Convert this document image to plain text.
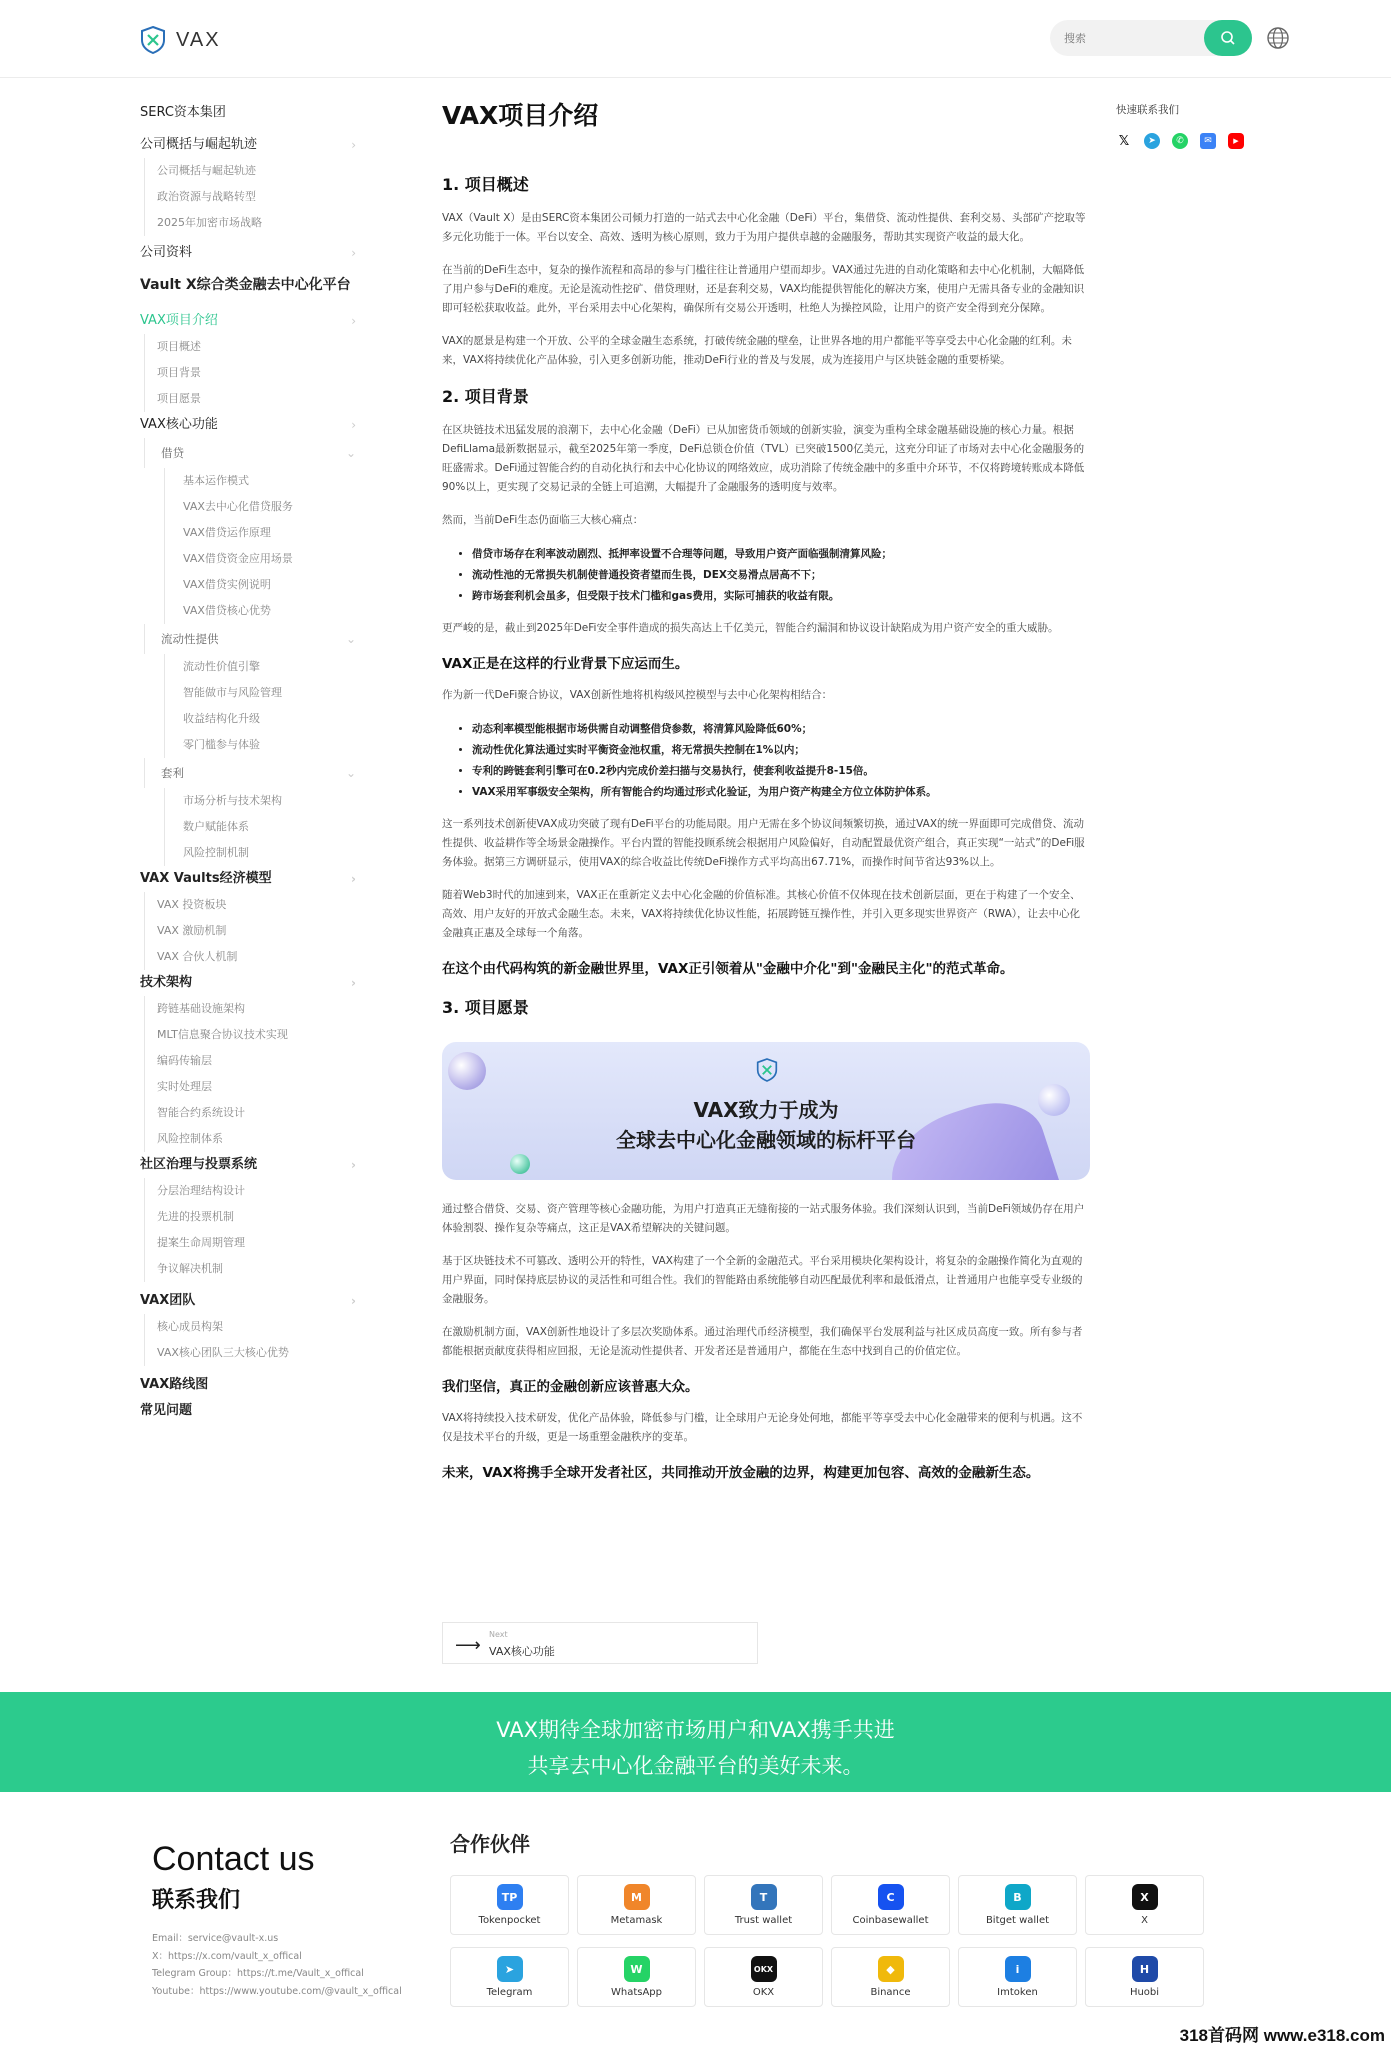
VAX
搜索
SERC资本集团
公司概括与崛起轨迹	›
公司概括与崛起轨迹
政治资源与战略转型
2025年加密市场战略
公司资料	›
Vault X综合类金融去中心化平台
VAX项目介绍	›
项目概述
项目背景
项目愿景
VAX核心功能	›
借贷	⌄
基本运作模式
VAX去中心化借贷服务
VAX借贷运作原理
VAX借贷资金应用场景
VAX借贷实例说明
VAX借贷核心优势
流动性提供	⌄
流动性价值引擎
智能做市与风险管理
收益结构化升级
零门槛参与体验
套利	⌄
市场分析与技术架构
数户赋能体系
风险控制机制
VAX Vaults经济模型	›
VAX 投资板块
VAX 激励机制
VAX 合伙人机制
技术架构	›
跨链基础设施架构
MLT信息聚合协议技术实现
编码传输层
实时处理层
智能合约系统设计
风险控制体系
社区治理与投票系统	›
分层治理结构设计
先进的投票机制
提案生命周期管理
争议解决机制
VAX团队	›
核心成员构架
VAX核心团队三大核心优势
VAX路线图
常见问题
VAX项目介绍
1. 项目概述

VAX（Vault X）是由SERC资本集团公司倾力打造的一站式去中心化金融（DeFi）平台，集借贷、流动性提供、套利交易、头部矿产挖取等多元化功能于一体。平台以安全、高效、透明为核心原则，致力于为用户提供卓越的金融服务，帮助其实现资产收益的最大化。

在当前的DeFi生态中，复杂的操作流程和高昂的参与门槛往往让普通用户望而却步。VAX通过先进的自动化策略和去中心化机制，大幅降低了用户参与DeFi的难度。无论是流动性挖矿、借贷理财，还是套利交易，VAX均能提供智能化的解决方案，使用户无需具备专业的金融知识即可轻松获取收益。此外，平台采用去中心化架构，确保所有交易公开透明，杜绝人为操控风险，让用户的资产安全得到充分保障。

VAX的愿景是构建一个开放、公平的全球金融生态系统，打破传统金融的壁垒，让世界各地的用户都能平等享受去中心化金融的红利。未来，VAX将持续优化产品体验，引入更多创新功能，推动DeFi行业的普及与发展，成为连接用户与区块链金融的重要桥梁。

2. 项目背景

在区块链技术迅猛发展的浪潮下，去中心化金融（DeFi）已从加密货币领域的创新实验，演变为重构全球金融基础设施的核心力量。根据DefiLlama最新数据显示，截至2025年第一季度，DeFi总锁仓价值（TVL）已突破1500亿美元，这充分印证了市场对去中心化金融服务的旺盛需求。DeFi通过智能合约的自动化执行和去中心化协议的网络效应，成功消除了传统金融中的多重中介环节，不仅将跨境转账成本降低90%以上，更实现了交易记录的全链上可追溯，大幅提升了金融服务的透明度与效率。

然而，当前DeFi生态仍面临三大核心痛点：

• 借贷市场存在利率波动剧烈、抵押率设置不合理等问题，导致用户资产面临强制清算风险；
• 流动性池的无常损失机制使普通投资者望而生畏，DEX交易滑点居高不下；
• 跨市场套利机会虽多，但受限于技术门槛和gas费用，实际可捕获的收益有限。

更严峻的是，截止到2025年DeFi安全事件造成的损失高达上千亿美元，智能合约漏洞和协议设计缺陷成为用户资产安全的重大威胁。

VAX正是在这样的行业背景下应运而生。

作为新一代DeFi聚合协议，VAX创新性地将机构级风控模型与去中心化架构相结合：

• 动态利率模型能根据市场供需自动调整借贷参数，将清算风险降低60%；
• 流动性优化算法通过实时平衡资金池权重，将无常损失控制在1%以内；
• 专利的跨链套利引擎可在0.2秒内完成价差扫描与交易执行，使套利收益提升8-15倍。
• VAX采用军事级安全架构，所有智能合约均通过形式化验证，为用户资产构建全方位立体防护体系。

这一系列技术创新使VAX成功突破了现有DeFi平台的功能局限。用户无需在多个协议间频繁切换，通过VAX的统一界面即可完成借贷、流动性提供、收益耕作等全场景金融操作。平台内置的智能投顾系统会根据用户风险偏好，自动配置最优资产组合，真正实现“一站式”的DeFi服务体验。据第三方调研显示，使用VAX的综合收益比传统DeFi操作方式平均高出67.71%，而操作时间节省达93%以上。

随着Web3时代的加速到来，VAX正在重新定义去中心化金融的价值标准。其核心价值不仅体现在技术创新层面，更在于构建了一个安全、高效、用户友好的开放式金融生态。未来，VAX将持续优化协议性能，拓展跨链互操作性，并引入更多现实世界资产（RWA），让去中心化金融真正惠及全球每一个角落。

在这个由代码构筑的新金融世界里，VAX正引领着从"金融中介化"到"金融民主化"的范式革命。
3. 项目愿景
VAX致力于成为
全球去中心化金融领域的标杆平台

通过整合借贷、交易、资产管理等核心金融功能，为用户打造真正无缝衔接的一站式服务体验。我们深刻认识到，当前DeFi领域仍存在用户体验割裂、操作复杂等痛点，这正是VAX希望解决的关键问题。

基于区块链技术不可篡改、透明公开的特性，VAX构建了一个全新的金融范式。平台采用模块化架构设计，将复杂的金融操作简化为直观的用户界面，同时保持底层协议的灵活性和可组合性。我们的智能路由系统能够自动匹配最优利率和最低滑点，让普通用户也能享受专业级的金融服务。

在激励机制方面，VAX创新性地设计了多层次奖励体系。通过治理代币经济模型，我们确保平台发展利益与社区成员高度一致。所有参与者都能根据贡献度获得相应回报，无论是流动性提供者、开发者还是普通用户，都能在生态中找到自己的价值定位。

我们坚信，真正的金融创新应该普惠大众。

VAX将持续投入技术研发，优化产品体验，降低参与门槛，让全球用户无论身处何地，都能平等享受去中心化金融带来的便利与机遇。这不仅是技术平台的升级，更是一场重塑金融秩序的变革。

未来，VAX将携手全球开发者社区，共同推动开放金融的边界，构建更加包容、高效的金融新生态。
⟶
Next
VAX核心功能
快速联系我们
𝕏	➤	✆	✉	▶
VAX期待全球加密市场用户和VAX携手共进
共享去中心化金融平台的美好未来。
Contact us
联系我们
Email：service@vault-x.us
X：https://x.com/vault_x_offical
Telegram Group：https://t.me/Vault_x_offical
Youtube：https://www.youtube.com/@vault_x_offical
合作伙伴
TP
Tokenpocket
M
Metamask
T
Trust wallet
C
Coinbasewallet
B
Bitget wallet
X
X
➤
Telegram
W
WhatsApp
OKX
OKX
◆
Binance
i
Imtoken
H
Huobi
318首码网 www.e318.com
